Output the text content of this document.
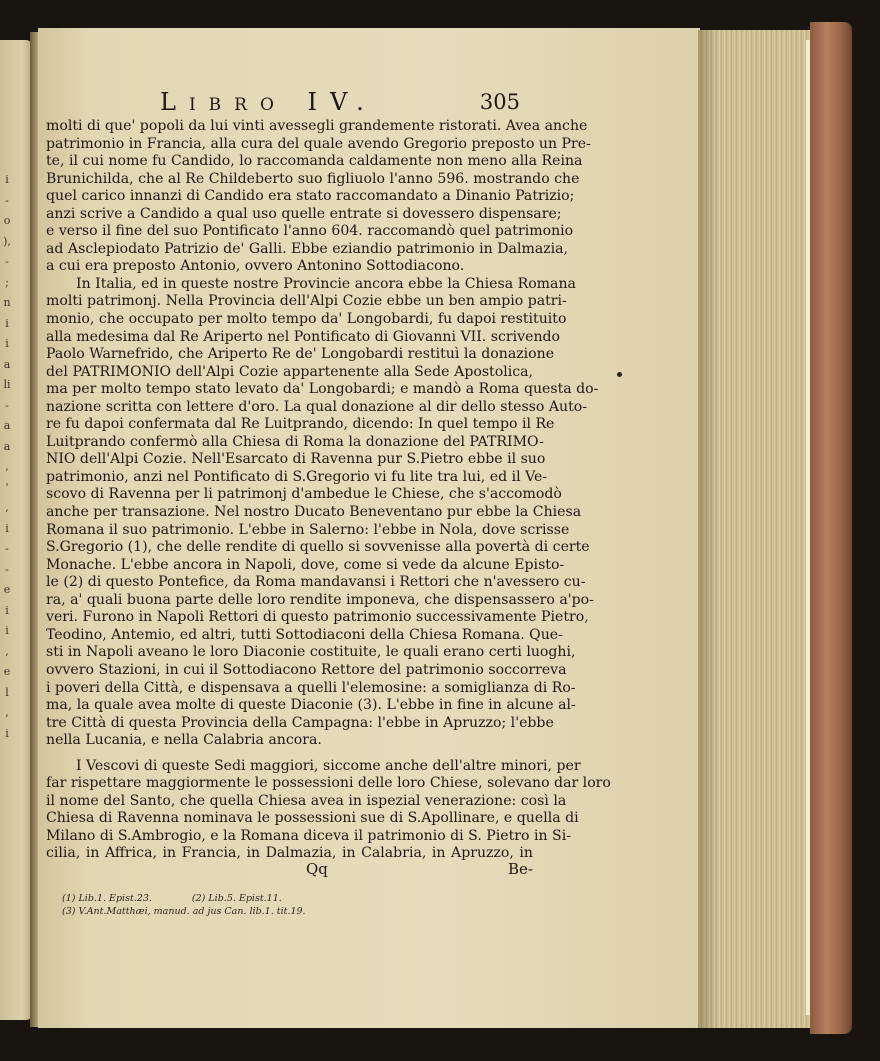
i
-
o
),
-
;
n
i
i
a
li
-
a
a
,
'
,
i
-
-
e
i
i
,
e
l
,
i
Libro IV.	305

molti di que' popoli da lui vinti avessegli grandemente ristorati. Avea anche
patrimonio in Francia, alla cura del quale avendo Gregorio preposto un Pre-
te, il cui nome fu Candido, lo raccomanda caldamente non meno alla Reina
Brunichilda, che al Re Childeberto suo figliuolo l'anno 596. mostrando che
quel carico innanzi di Candido era stato raccomandato a Dinanio Patrizio;
anzi scrive a Candido a qual uso quelle entrate si dovessero dispensare;
e verso il fine del suo Pontificato l'anno 604. raccomandò quel patrimonio
ad Asclepiodato Patrizio de' Galli. Ebbe eziandio patrimonio in Dalmazia,
a cui era preposto Antonio, ovvero Antonino Sottodiacono.

In Italia, ed in queste nostre Provincie ancora ebbe la Chiesa Romana
molti patrimonj. Nella Provincia dell'Alpi Cozie ebbe un ben ampio patri-
monio, che occupato per molto tempo da' Longobardi, fu dapoi restituito
alla medesima dal Re Ariperto nel Pontificato di Giovanni VII. scrivendo
Paolo Warnefrido, che Ariperto Re de' Longobardi restituì la donazione
del PATRIMONIO dell'Alpi Cozie appartenente alla Sede Apostolica,
ma per molto tempo stato levato da' Longobardi; e mandò a Roma questa do-
nazione scritta con lettere d'oro. La qual donazione al dir dello stesso Auto-
re fu dapoi confermata dal Re Luitprando, dicendo: In quel tempo il Re
Luitprando confermò alla Chiesa di Roma la donazione del PATRIMO-
NIO dell'Alpi Cozie. Nell'Esarcato di Ravenna pur S.Pietro ebbe il suo
patrimonio, anzi nel Pontificato di S.Gregorio vi fu lite tra lui, ed il Ve-
scovo di Ravenna per li patrimonj d'ambedue le Chiese, che s'accomodò
anche per transazione. Nel nostro Ducato Beneventano pur ebbe la Chiesa
Romana il suo patrimonio. L'ebbe in Salerno: l'ebbe in Nola, dove scrisse
S.Gregorio (1), che delle rendite di quello si sovvenisse alla povertà di certe
Monache. L'ebbe ancora in Napoli, dove, come si vede da alcune Episto-
le (2) di questo Pontefice, da Roma mandavansi i Rettori che n'avessero cu-
ra, a' quali buona parte delle loro rendite imponeva, che dispensassero a'po-
veri. Furono in Napoli Rettori di questo patrimonio successivamente Pietro,
Teodino, Antemio, ed altri, tutti Sottodiaconi della Chiesa Romana. Que-
sti in Napoli aveano le loro Diaconie costituite, le quali erano certi luoghi,
ovvero Stazioni, in cui il Sottodiacono Rettore del patrimonio soccorreva
i poveri della Città, e dispensava a quelli l'elemosine: a somiglianza di Ro-
ma, la quale avea molte di queste Diaconie (3). L'ebbe in fine in alcune al-
tre Città di questa Provincia della Campagna: l'ebbe in Apruzzo; l'ebbe
nella Lucania, e nella Calabria ancora.

I Vescovi di queste Sedi maggiori, siccome anche dell'altre minori, per
far rispettare maggiormente le possessioni delle loro Chiese, solevano dar loro
il nome del Santo, che quella Chiesa avea in ispezial venerazione: così la
Chiesa di Ravenna nominava le possessioni sue di S.Apollinare, e quella di
Milano di S.Ambrogio, e la Romana diceva il patrimonio di S. Pietro in Si-
cilia, in Affrica, in Francia, in Dalmazia, in Calabria, in Apruzzo, in

Qq	Be-
(1) Lib.1. Epist.23.	(2) Lib.5. Epist.11.
(3) V.Ant.Matthæi, manud. ad jus Can. lib.1. tit.19.
